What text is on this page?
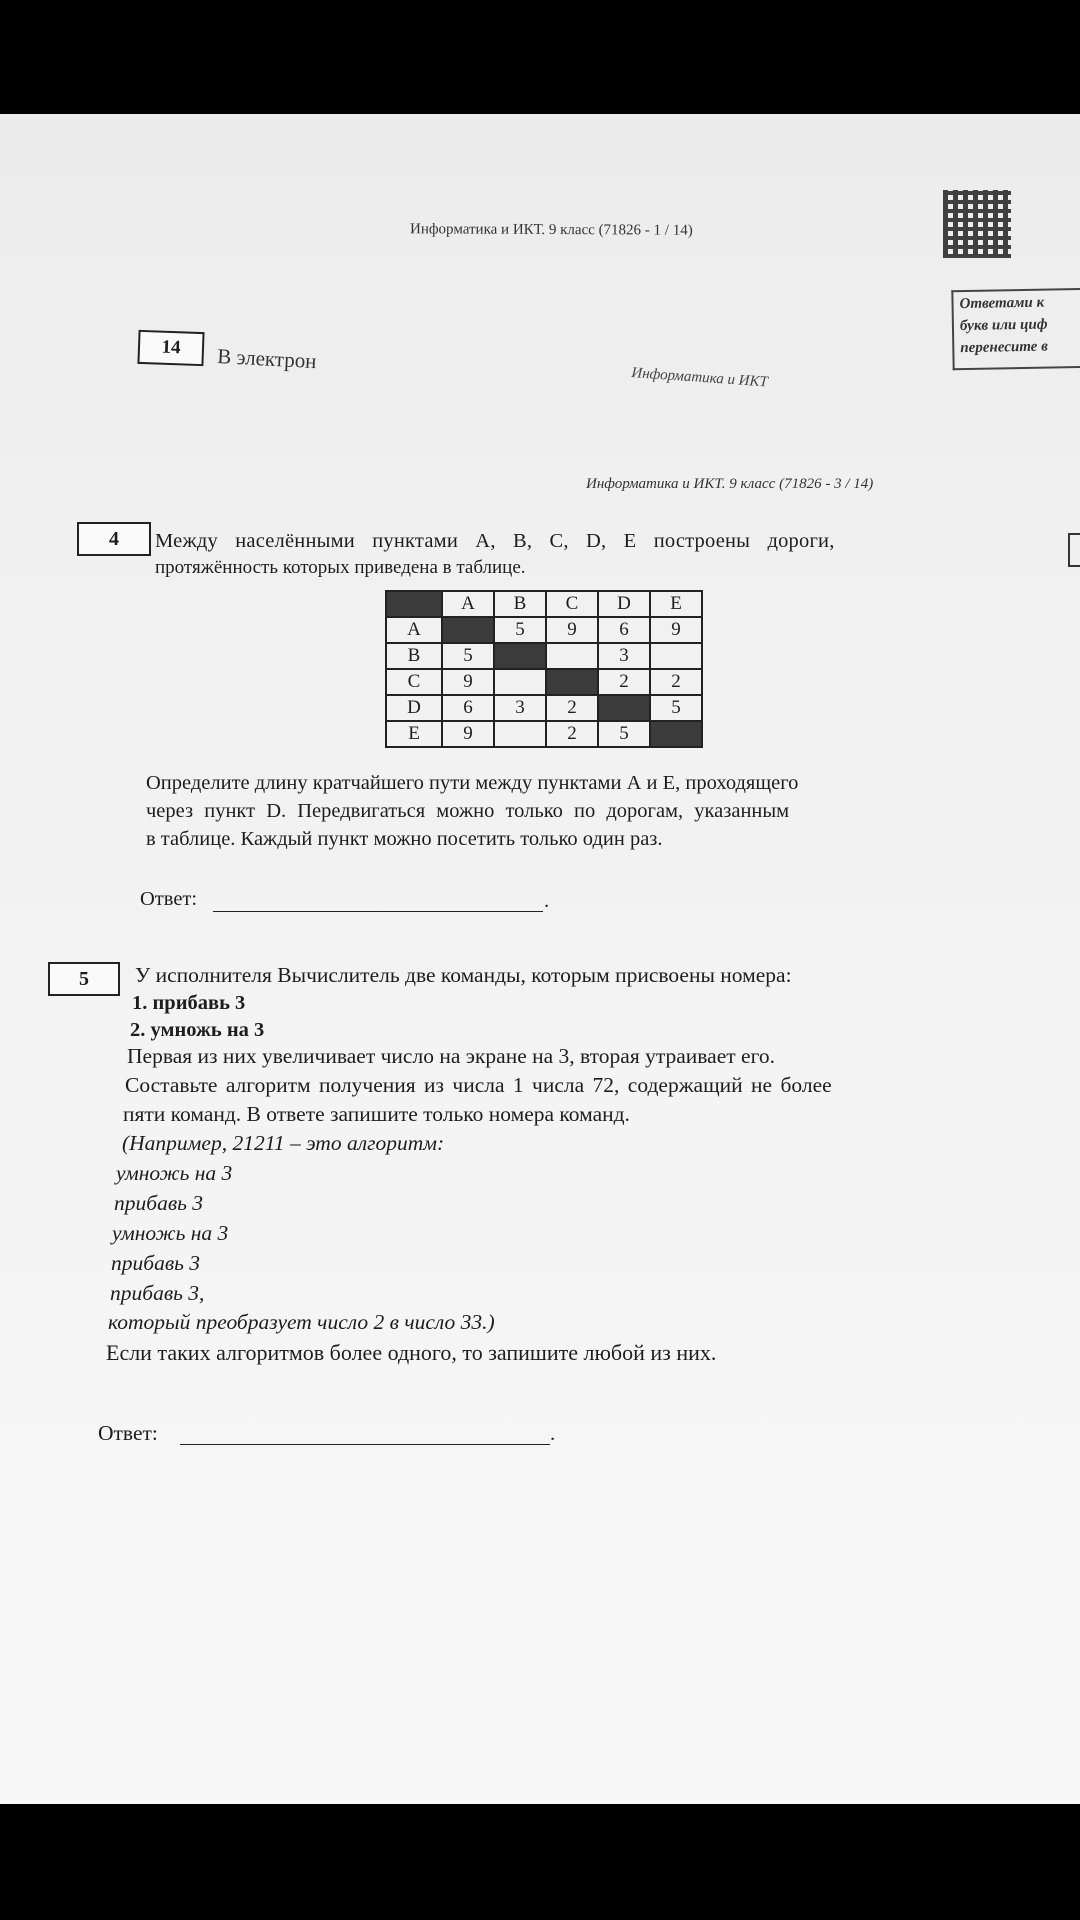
Информатика и ИКТ. 9 класс (71826 - 1 / 14)
Ответами к
букв или циф
перенесите в
14	В электрон
Информатика и ИКТ
Информатика и ИКТ. 9 класс (71826 - 3 / 14)
4	Между населёнными пунктами A, B, C, D, E построены дороги,
протяжённость которых приведена в таблице.
	A	B	C	D	E
A		5	9	6	9
B	5			3	
C	9			2	2
D	6	3	2		5
E	9		2	5	
Определите длину кратчайшего пути между пунктами А и Е, проходящего
через пункт D. Передвигаться можно только по дорогам, указанным
в таблице. Каждый пункт можно посетить только один раз.
Ответ:	.
5	У исполнителя Вычислитель две команды, которым присвоены номера:
1. прибавь 3
2. умножь на 3
Первая из них увеличивает число на экране на 3, вторая утраивает его.
Составьте алгоритм получения из числа 1 числа 72, содержащий не более
пяти команд. В ответе запишите только номера команд.
(Например, 21211 – это алгоритм:
умножь на 3
прибавь 3
умножь на 3
прибавь 3
прибавь 3,
который преобразует число 2 в число 33.)
Если таких алгоритмов более одного, то запишите любой из них.
Ответ:	.
